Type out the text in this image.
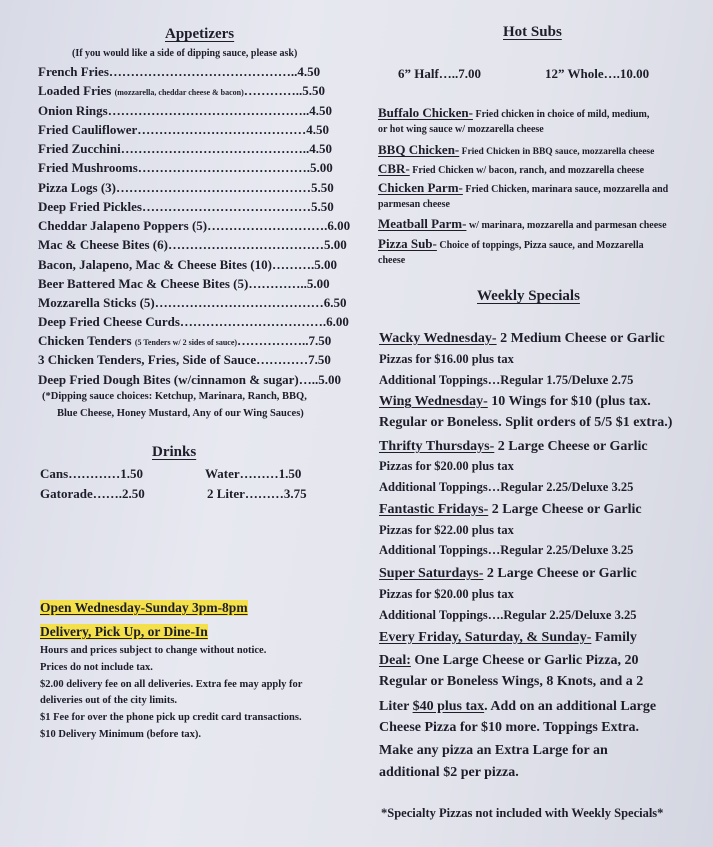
Appetizers
(If you would like a side of dipping sauce, please ask)
French Fries……………………………………..4.50
Loaded Fries (mozzarella, cheddar cheese & bacon)…………..5.50
Onion Rings………………………………………..4.50
Fried Cauliflower…………………………………4.50
Fried Zucchini……………………………………..4.50
Fried Mushrooms………………………………….5.00
Pizza Logs (3)………………………………………5.50
Deep Fried Pickles…………………………………5.50
Cheddar Jalapeno Poppers (5)……………………….6.00
Mac & Cheese Bites (6)………………………………5.00
Bacon, Jalapeno, Mac & Cheese Bites (10)……….5.00
Beer Battered Mac & Cheese Bites (5)…………..5.00
Mozzarella Sticks (5)…………………………………6.50
Deep Fried Cheese Curds…………………………….6.00
Chicken Tenders (5 Tenders w/ 2 sides of sauce)……………..7.50
3 Chicken Tenders, Fries, Side of Sauce…………7.50
Deep Fried Dough Bites (w/cinnamon & sugar)…..5.00
(*Dipping sauce choices: Ketchup, Marinara, Ranch, BBQ,
Blue Cheese, Honey Mustard, Any of our Wing Sauces)
Drinks
Cans…………1.50	Water………1.50
Gatorade…….2.50	2 Liter………3.75
Open Wednesday-Sunday 3pm-8pm
Delivery, Pick Up, or Dine-In
Hours and prices subject to change without notice.
Prices do not include tax.
$2.00 delivery fee on all deliveries. Extra fee may apply for
deliveries out of the city limits.
$1 Fee for over the phone pick up credit card transactions.
$10 Delivery Minimum (before tax).
Hot Subs
6” Half…..7.00	12” Whole….10.00
Buffalo Chicken- Fried chicken in choice of mild, medium,
or hot wing sauce w/ mozzarella cheese
BBQ Chicken- Fried Chicken in BBQ sauce, mozzarella cheese
CBR- Fried Chicken w/ bacon, ranch, and mozzarella cheese
Chicken Parm- Fried Chicken, marinara sauce, mozzarella and
parmesan cheese
Meatball Parm- w/ marinara, mozzarella and parmesan cheese
Pizza Sub- Choice of toppings, Pizza sauce, and Mozzarella
cheese
Weekly Specials
Wacky Wednesday- 2 Medium Cheese or Garlic
Pizzas for $16.00 plus tax
Additional Toppings…Regular 1.75/Deluxe 2.75
Wing Wednesday- 10 Wings for $10 (plus tax.
Regular or Boneless. Split orders of 5/5 $1 extra.)
Thrifty Thursdays- 2 Large Cheese or Garlic
Pizzas for $20.00 plus tax
Additional Toppings…Regular 2.25/Deluxe 3.25
Fantastic Fridays- 2 Large Cheese or Garlic
Pizzas for $22.00 plus tax
Additional Toppings…Regular 2.25/Deluxe 3.25
Super Saturdays- 2 Large Cheese or Garlic
Pizzas for $20.00 plus tax
Additional Toppings….Regular 2.25/Deluxe 3.25
Every Friday, Saturday, & Sunday- Family
Deal: One Large Cheese or Garlic Pizza, 20
Regular or Boneless Wings, 8 Knots, and a 2
Liter $40 plus tax. Add on an additional Large
Cheese Pizza for $10 more. Toppings Extra.
Make any pizza an Extra Large for an
additional $2 per pizza.
*Specialty Pizzas not included with Weekly Specials*
